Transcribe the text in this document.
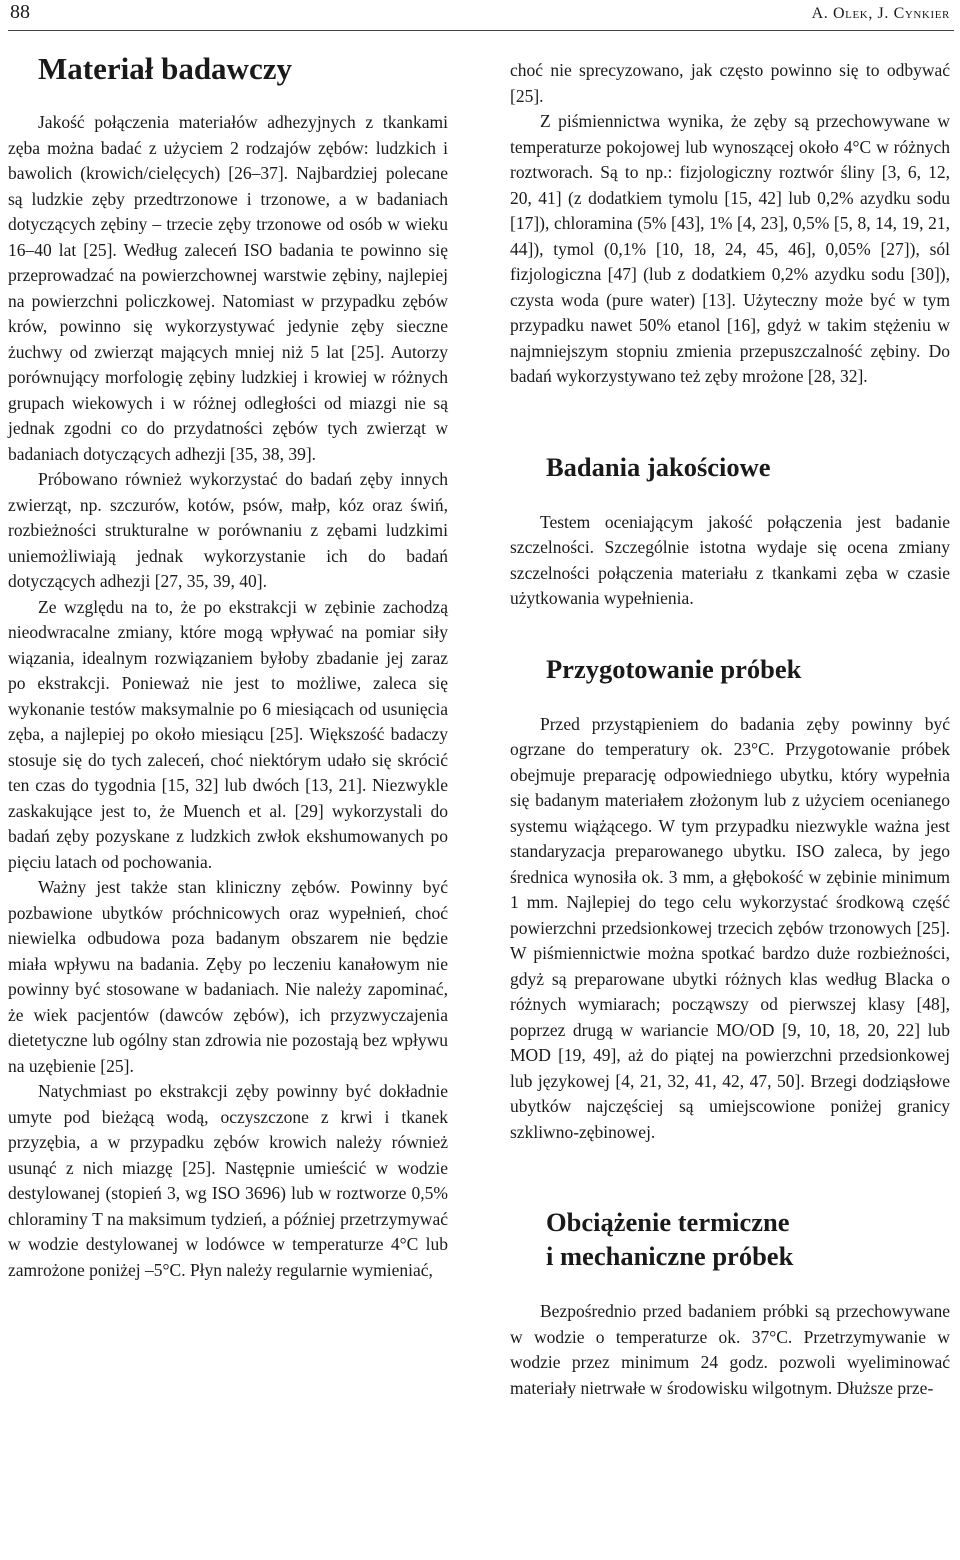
88	A. Olek, J. Cynkier
Materiał badawczy

Jakość połączenia materiałów adhezyjnych z tkankami zęba można badać z użyciem 2 rodzajów zębów: ludzkich i bawolich (krowich/cielęcych) [26–37]. Najbardziej polecane są ludzkie zęby przedtrzonowe i trzonowe, a w badaniach dotyczących zębiny – trzecie zęby trzonowe od osób w wieku 16–40 lat [25]. Według zaleceń ISO badania te powinno się przeprowadzać na powierzchownej warstwie zębiny, najlepiej na powierzchni policzkowej. Natomiast w przypadku zębów krów, powinno się wykorzystywać jedynie zęby sieczne żuchwy od zwierząt mających mniej niż 5 lat [25]. Autorzy porównujący morfologię zębiny ludzkiej i krowiej w różnych grupach wiekowych i w różnej odległości od miazgi nie są jednak zgodni co do przydatności zębów tych zwierząt w badaniach dotyczących adhezji [35, 38, 39].

Próbowano również wykorzystać do badań zęby innych zwierząt, np. szczurów, kotów, psów, małp, kóz oraz świń, rozbieżności strukturalne w porównaniu z zębami ludzkimi uniemożliwiają jednak wykorzystanie ich do badań dotyczących adhezji [27, 35, 39, 40].

Ze względu na to, że po ekstrakcji w zębinie zachodzą nieodwracalne zmiany, które mogą wpływać na pomiar siły wiązania, idealnym rozwiązaniem byłoby zbadanie jej zaraz po ekstrakcji. Ponieważ nie jest to możliwe, zaleca się wykonanie testów maksymalnie po 6 miesiącach od usunięcia zęba, a najlepiej po około miesiącu [25]. Większość badaczy stosuje się do tych zaleceń, choć niektórym udało się skrócić ten czas do tygodnia [15, 32] lub dwóch [13, 21]. Niezwykle zaskakujące jest to, że Muench et al. [29] wykorzystali do badań zęby pozyskane z ludzkich zwłok ekshumowanych po pięciu latach od pochowania.

Ważny jest także stan kliniczny zębów. Powinny być pozbawione ubytków próchnicowych oraz wypełnień, choć niewielka odbudowa poza badanym obszarem nie będzie miała wpływu na badania. Zęby po leczeniu kanałowym nie powinny być stosowane w badaniach. Nie należy zapominać, że wiek pacjentów (dawców zębów), ich przyzwyczajenia dietetyczne lub ogólny stan zdrowia nie pozostają bez wpływu na uzębienie [25].

Natychmiast po ekstrakcji zęby powinny być dokładnie umyte pod bieżącą wodą, oczyszczone z krwi i tkanek przyzębia, a w przypadku zębów krowich należy również usunąć z nich miazgę [25]. Następnie umieścić w wodzie destylowanej (stopień 3, wg ISO 3696) lub w roztworze 0,5% chloraminy T na maksimum tydzień, a później przetrzymywać w wodzie destylowanej w lodówce w temperaturze 4°C lub zamrożone poniżej –5°C. Płyn należy regularnie wymieniać,

choć nie sprecyzowano, jak często powinno się to odbywać [25].

Z piśmiennictwa wynika, że zęby są przechowywane w temperaturze pokojowej lub wynoszącej około 4°C w różnych roztworach. Są to np.: fizjologiczny roztwór śliny [3, 6, 12, 20, 41] (z dodatkiem tymolu [15, 42] lub 0,2% azydku sodu [17]), chloramina (5% [43], 1% [4, 23], 0,5% [5, 8, 14, 19, 21, 44]), tymol (0,1% [10, 18, 24, 45, 46], 0,05% [27]), sól fizjologiczna [47] (lub z dodatkiem 0,2% azydku sodu [30]), czysta woda (pure water) [13]. Użyteczny może być w tym przypadku nawet 50% etanol [16], gdyż w takim stężeniu w najmniejszym stopniu zmienia przepuszczalność zębiny. Do badań wykorzystywano też zęby mrożone [28, 32].

Badania jakościowe

Testem oceniającym jakość połączenia jest badanie szczelności. Szczególnie istotna wydaje się ocena zmiany szczelności połączenia materiału z tkankami zęba w czasie użytkowania wypełnienia.

Przygotowanie próbek

Przed przystąpieniem do badania zęby powinny być ogrzane do temperatury ok. 23°C. Przygotowanie próbek obejmuje preparację odpowiedniego ubytku, który wypełnia się badanym materiałem złożonym lub z użyciem ocenianego systemu wiążącego. W tym przypadku niezwykle ważna jest standaryzacja preparowanego ubytku. ISO zaleca, by jego średnica wynosiła ok. 3 mm, a głębokość w zębinie minimum 1 mm. Najlepiej do tego celu wykorzystać środkową część powierzchni przedsionkowej trzecich zębów trzonowych [25]. W piśmiennictwie można spotkać bardzo duże rozbieżności, gdyż są preparowane ubytki różnych klas według Blacka o różnych wymiarach; począwszy od pierwszej klasy [48], poprzez drugą w wariancie MO/OD [9, 10, 18, 20, 22] lub MOD [19, 49], aż do piątej na powierzchni przedsionkowej lub językowej [4, 21, 32, 41, 42, 47, 50]. Brzegi dodziąsłowe ubytków najczęściej są umiejscowione poniżej granicy szkliwno-zębinowej.

Obciążenie termiczne
i mechaniczne próbek

Bezpośrednio przed badaniem próbki są przechowywane w wodzie o temperaturze ok. 37°C. Przetrzymywanie w wodzie przez minimum 24 godz. pozwoli wyeliminować materiały nietrwałe w środowisku wilgotnym. Dłuższe prze-
